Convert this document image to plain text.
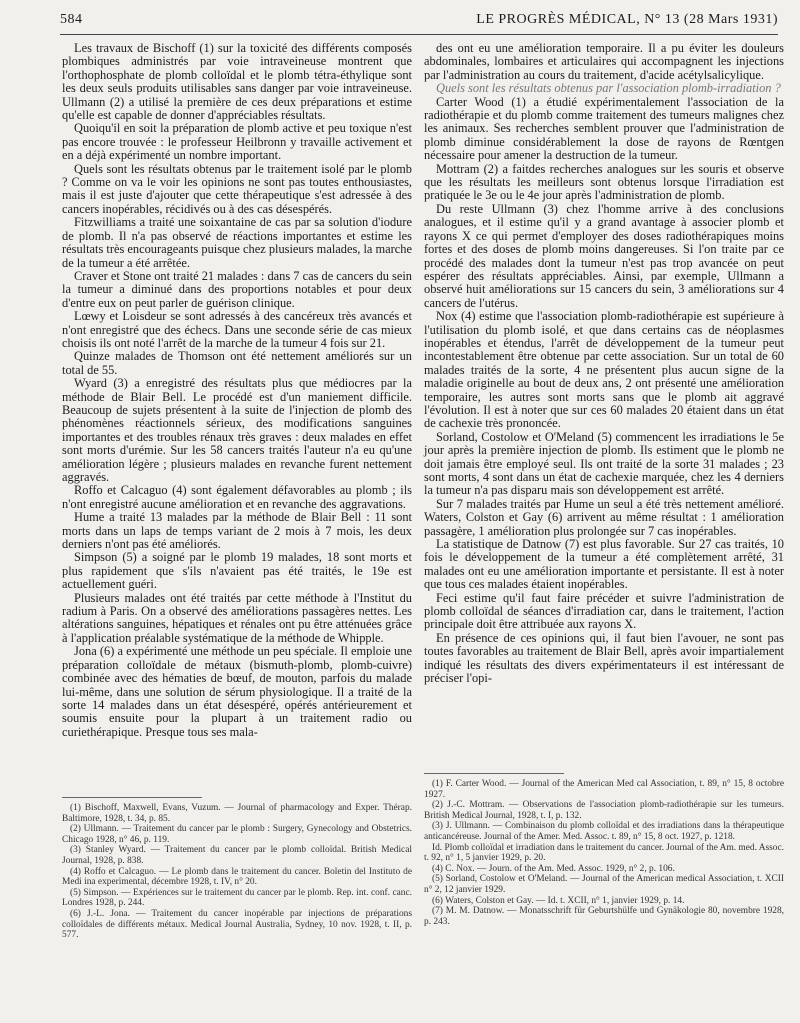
584	LE PROGRÈS MÉDICAL, N° 13 (28 Mars 1931)

Les travaux de Bischoff (1) sur la toxicité des différents composés plombiques administrés par voie intraveineuse montrent que l'orthophosphate de plomb colloïdal et le plomb tétra-éthylique sont les deux seuls produits utilisables sans danger par voie intraveineuse. Ullmann (2) a utilisé la première de ces deux préparations et estime qu'elle est capable de donner d'appréciables résultats.

Quoiqu'il en soit la préparation de plomb active et peu toxique n'est pas encore trouvée : le professeur Heilbronn y travaille activement et en a déjà expérimenté un nombre important.

Quels sont les résultats obtenus par le traitement isolé par le plomb ? Comme on va le voir les opinions ne sont pas toutes enthousiastes, mais il est juste d'ajouter que cette thérapeutique s'est adressée à des cancers inopérables, récidivés ou à des cas désespérés.

Fitzwilliams a traité une soixantaine de cas par sa solution d'iodure de plomb. Il n'a pas observé de réactions importantes et estime les résultats très encourageants puisque chez plusieurs malades, la marche de la tumeur a été arrêtée.

Craver et Stone ont traité 21 malades : dans 7 cas de cancers du sein la tumeur a diminué dans des proportions notables et pour deux d'entre eux on peut parler de guérison clinique.

Lœwy et Loisdeur se sont adressés à des cancéreux très avancés et n'ont enregistré que des échecs. Dans une seconde série de cas mieux choisis ils ont noté l'arrêt de la marche de la tumeur 4 fois sur 21.

Quinze malades de Thomson ont été nettement améliorés sur un total de 55.

Wyard (3) a enregistré des résultats plus que médiocres par la méthode de Blair Bell. Le procédé est d'un maniement difficile. Beaucoup de sujets présentent à la suite de l'injection de plomb des phénomènes réactionnels sérieux, des modifications sanguines importantes et des troubles rénaux très graves : deux malades en effet sont morts d'urémie. Sur les 58 cancers traités l'auteur n'a eu qu'une amélioration légère ; plusieurs malades en revanche furent nettement aggravés.

Roffo et Calcaguo (4) sont également défavorables au plomb ; ils n'ont enregistré aucune amélioration et en revanche des aggravations.

Hume a traité 13 malades par la méthode de Blair Bell : 11 sont morts dans un laps de temps variant de 2 mois à 7 mois, les deux derniers n'ont pas été améliorés.

Simpson (5) a soigné par le plomb 19 malades, 18 sont morts et plus rapidement que s'ils n'avaient pas été traités, le 19e est actuellement guéri.

Plusieurs malades ont été traités par cette méthode à l'Institut du radium à Paris. On a observé des améliorations passagères nettes. Les altérations sanguines, hépatiques et rénales ont pu être atténuées grâce à l'application préalable systématique de la méthode de Whipple.

Jona (6) a expérimenté une méthode un peu spéciale. Il emploie une préparation colloïdale de métaux (bismuth-plomb, plomb-cuivre) combinée avec des hématies de bœuf, de mouton, parfois du malade lui-même, dans une solution de sérum physiologique. Il a traité de la sorte 14 malades dans un état désespéré, opérés antérieurement et soumis ensuite pour la plupart à un traitement radio ou curiethérapique. Presque tous ses mala-

des ont eu une amélioration temporaire. Il a pu éviter les douleurs abdominales, lombaires et articulaires qui accompagnent les injections par l'administration au cours du traitement, d'acide acétylsalicylique.

Quels sont les résultats obtenus par l'association plomb-irradiation ?

Carter Wood (1) a étudié expérimentalement l'association de la radiothérapie et du plomb comme traitement des tumeurs malignes chez les animaux. Ses recherches semblent prouver que l'administration de plomb diminue considérablement la dose de rayons de Rœntgen nécessaire pour amener la destruction de la tumeur.

Mottram (2) a faitdes recherches analogues sur les souris et observe que les résultats les meilleurs sont obtenus lorsque l'irradiation est pratiquée le 3e ou le 4e jour après l'administration de plomb.

Du reste Ullmann (3) chez l'homme arrive à des conclusions analogues, et il estime qu'il y a grand avantage à associer plomb et rayons X ce qui permet d'employer des doses radiothérapiques moins fortes et des doses de plomb moins dangereuses. Si l'on traite par ce procédé des malades dont la tumeur n'est pas trop avancée on peut espérer des résultats appréciables. Ainsi, par exemple, Ullmann a observé huit améliorations sur 15 cancers du sein, 3 améliorations sur 4 cancers de l'utérus.

Nox (4) estime que l'association plomb-radiothérapie est supérieure à l'utilisation du plomb isolé, et que dans certains cas de néoplasmes inopérables et étendus, l'arrêt de développement de la tumeur peut incontestablement être obtenue par cette association. Sur un total de 60 malades traités de la sorte, 4 ne présentent plus aucun signe de la maladie originelle au bout de deux ans, 2 ont présenté une amélioration temporaire, les autres sont morts sans que le plomb ait aggravé l'évolution. Il est à noter que sur ces 60 malades 20 étaient dans un état de cachexie très prononcée.

Sorland, Costolow et O'Meland (5) commencent les irradiations le 5e jour après la première injection de plomb. Ils estiment que le plomb ne doit jamais être employé seul. Ils ont traité de la sorte 31 malades ; 23 sont morts, 4 sont dans un état de cachexie marquée, chez les 4 derniers la tumeur n'a pas disparu mais son développement est arrêté.

Sur 7 malades traités par Hume un seul a été très nettement amélioré. Waters, Colston et Gay (6) arrivent au même résultat : 1 amélioration passagère, 1 amélioration plus prolongée sur 7 cas inopérables.

La statistique de Datnow (7) est plus favorable. Sur 27 cas traités, 10 fois le développement de la tumeur a été complètement arrêté, 31 malades ont eu une amélioration importante et persistante. Il est à noter que tous ces malades étaient inopérables.

Feci estime qu'il faut faire précéder et suivre l'administration de plomb colloïdal de séances d'irradiation car, dans le traitement, l'action principale doit être attribuée aux rayons X.

En présence de ces opinions qui, il faut bien l'avouer, ne sont pas toutes favorables au traitement de Blair Bell, après avoir impartialement indiqué les résultats des divers expérimentateurs il est intéressant de préciser l'opi-

(1) Bischoff, Maxwell, Evans, Vuzum. — Journal of pharmacology and Exper. Thérap. Baltimore, 1928, t. 34, p. 85.
(2) Ullmann. — Traitement du cancer par le plomb : Surgery, Gynecology and Obstetrics. Chicago 1928, n° 46, p. 119.
(3) Stanley Wyard. — Traitement du cancer par le plomb colloïdal. British Medical Journal, 1928, p. 838.
(4) Roffo et Calcaguo. — Le plomb dans le traitement du cancer. Boletin del Instituto de Medi ina experimental, décembre 1928, t. IV, n° 20.
(5) Simpson. — Expériences sur le traitement du cancer par le plomb. Rep. int. conf. canc. Londres 1928, p. 244.
(6) J.-L. Jona. — Traitement du cancer inopérable par injections de préparations colloïdales de différents métaux. Medical Journal Australia, Sydney, 10 nov. 1928, t. II, p. 577.
(1) F. Carter Wood. — Journal of the American Med cal Association, t. 89, n° 15, 8 octobre 1927.
(2) J.-C. Mottram. — Observations de l'association plomb-radiothérapie sur les tumeurs. British Medical Journal, 1928, t. I, p. 132.
(3) J. Ullmann. — Combinaison du plomb colloïdal et des irradiations dans la thérapeutique anticancéreuse. Journal of the Amer. Med. Assoc. t. 89, n° 15, 8 oct. 1927, p. 1218.
Id. Plomb colloïdal et irradiation dans le traitement du cancer. Journal of the Am. med. Assoc. t. 92, n° 1, 5 janvier 1929, p. 20.
(4) C. Nox. — Journ. of the Am. Med. Assoc. 1929, n° 2, p. 106.
(5) Sorland, Costolow et O'Meland. — Journal of the American medical Association, t. XCII n° 2, 12 janvier 1929.
(6) Waters, Colston et Gay. — Id. t. XCII, n° 1, janvier 1929, p. 14.
(7) M. M. Datnow. — Monatsschrift für Geburtshülfe und Gynäkologie 80, novembre 1928, p. 243.
